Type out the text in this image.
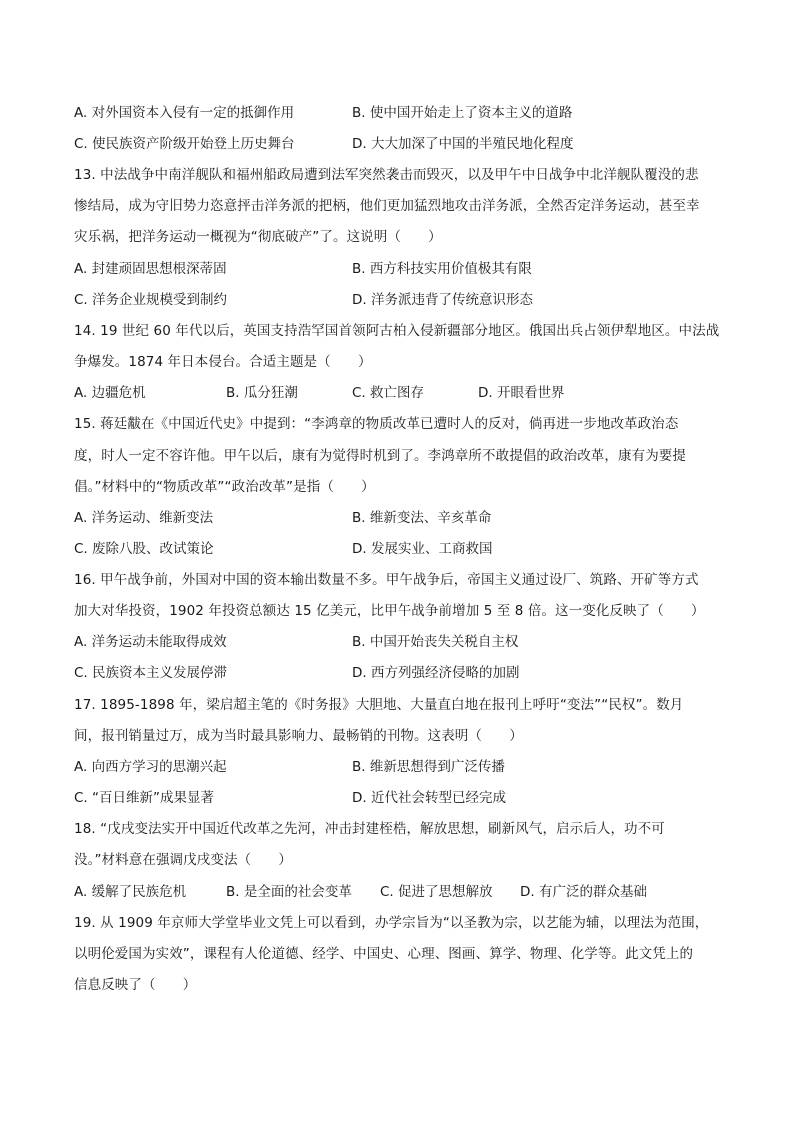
A. 对外国资本入侵有一定的抵御作用	B. 使中国开始走上了资本主义的道路
C. 使民族资产阶级开始登上历史舞台	D. 大大加深了中国的半殖民地化程度
13. 中法战争中南洋舰队和福州船政局遭到法军突然袭击而毁灭，以及甲午中日战争中北洋舰队覆没的悲
惨结局，成为守旧势力恣意抨击洋务派的把柄，他们更加猛烈地攻击洋务派，全然否定洋务运动，甚至幸
灾乐祸，把洋务运动一概视为“彻底破产”了。这说明（　　）
A. 封建顽固思想根深蒂固	B. 西方科技实用价值极其有限
C. 洋务企业规模受到制约	D. 洋务派违背了传统意识形态
14. 19 世纪 60 年代以后，英国支持浩罕国首领阿古柏入侵新疆部分地区。俄国出兵占领伊犁地区。中法战
争爆发。1874 年日本侵台。合适主题是（　　）
A. 边疆危机	B. 瓜分狂潮	C. 救亡图存	D. 开眼看世界
15. 蒋廷黻在《中国近代史》中提到：“李鸿章的物质改革已遭时人的反对，倘再进一步地改革政治态
度，时人一定不容许他。甲午以后，康有为觉得时机到了。李鸿章所不敢提倡的政治改革，康有为要提
倡。”材料中的“物质改革”“政治改革”是指（　　）
A. 洋务运动、维新变法	B. 维新变法、辛亥革命
C. 废除八股、改试策论	D. 发展实业、工商救国
16. 甲午战争前，外国对中国的资本输出数量不多。甲午战争后，帝国主义通过设厂、筑路、开矿等方式
加大对华投资，1902 年投资总额达 15 亿美元，比甲午战争前增加 5 至 8 倍。这一变化反映了（　　）
A. 洋务运动未能取得成效	B. 中国开始丧失关税自主权
C. 民族资本主义发展停滞	D. 西方列强经济侵略的加剧
17. 1895-1898 年，梁启超主笔的《时务报》大胆地、大量直白地在报刊上呼吁“变法”“民权”。数月
间，报刊销量过万，成为当时最具影响力、最畅销的刊物。这表明（　　）
A. 向西方学习的思潮兴起	B. 维新思想得到广泛传播
C. “百日维新”成果显著	D. 近代社会转型已经完成
18. “戊戌变法实开中国近代改革之先河，冲击封建桎梏，解放思想，刷新风气，启示后人，功不可
没。”材料意在强调戊戌变法（　　）
A. 缓解了民族危机	B. 是全面的社会变革 C. 促进了思想解放 D. 有广泛的群众基础
19. 从 1909 年京师大学堂毕业文凭上可以看到，办学宗旨为“以圣教为宗，以艺能为辅，以理法为范围，
以明伦爱国为实效”，课程有人伦道德、经学、中国史、心理、图画、算学、物理、化学等。此文凭上的
信息反映了（　　）
